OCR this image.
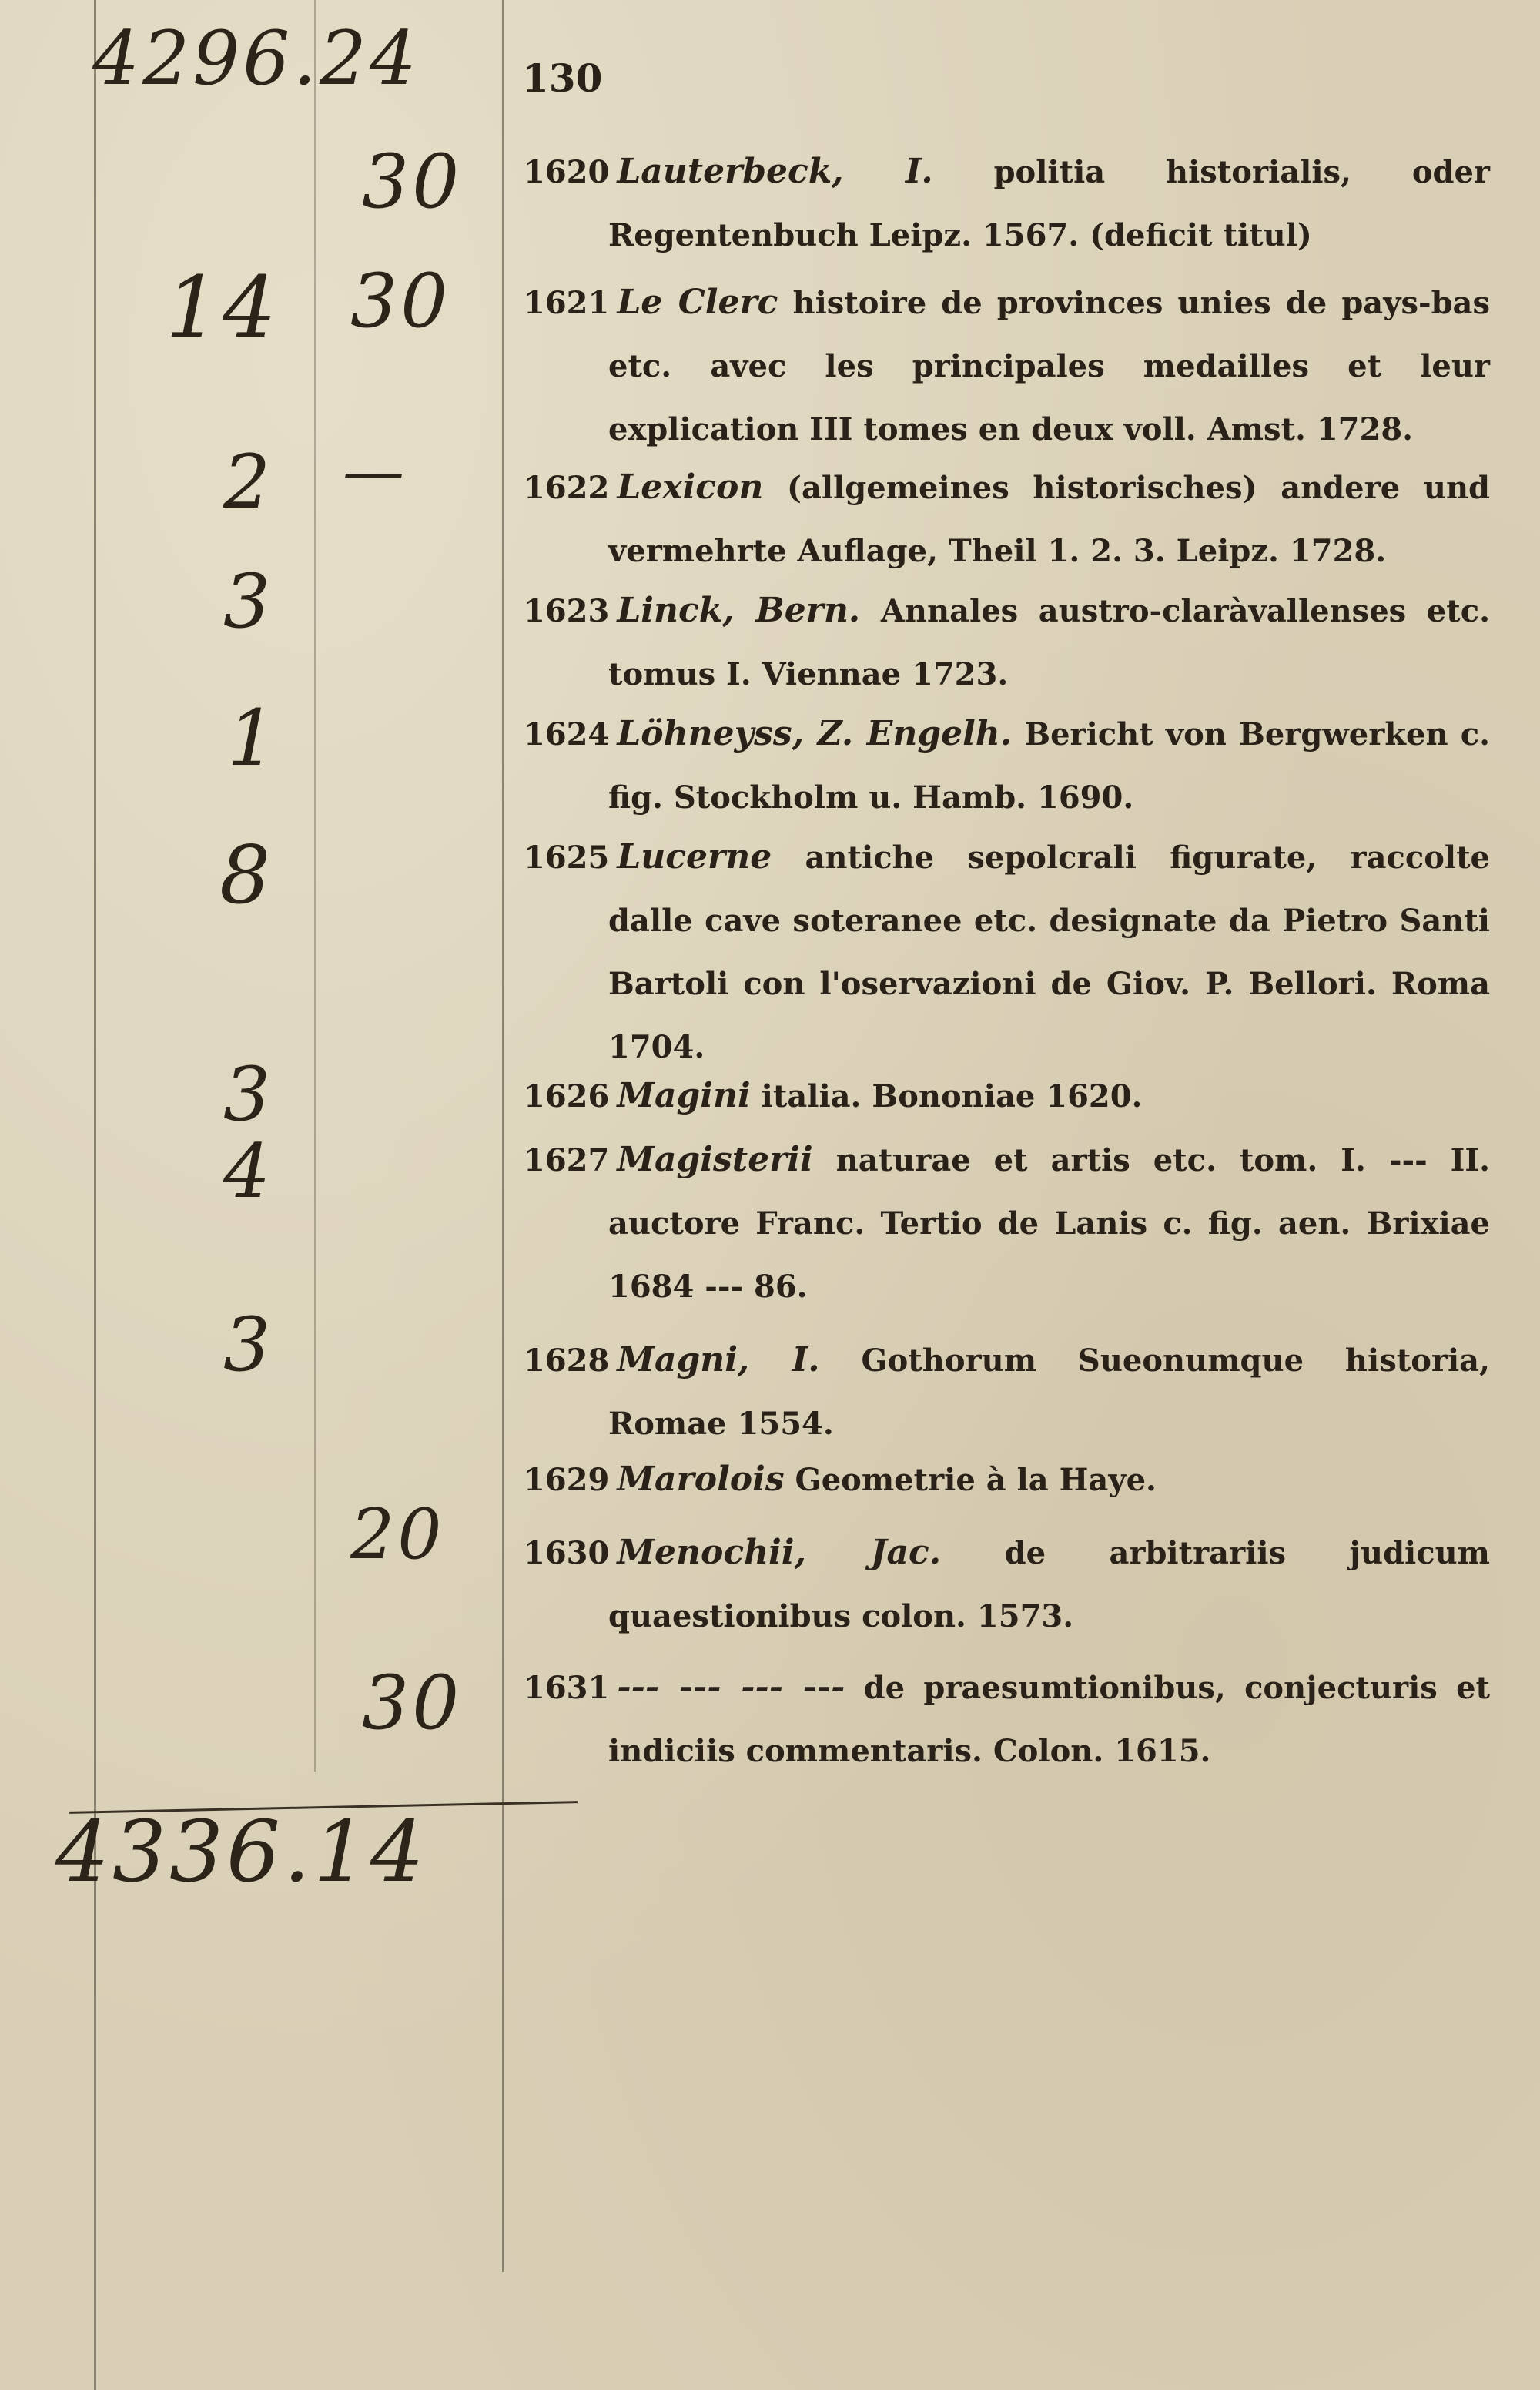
4296.24
4336.14
14
2
3
1
8
3
4
3
30
30
—
20
30
130
1620 Lauterbeck, I. politia historialis, oder Regentenbuch Leipz. 1567. (deficit titul)
1621 Le Clerc histoire de provinces unies de pays-bas etc. avec les principales medailles et leur explication III tomes en deux voll. Amst. 1728.
1622 Lexicon (allgemeines historisches) andere und vermehrte Auflage, Theil 1. 2. 3. Leipz. 1728.
1623 Linck, Bern. Annales austro-claràvallenses etc. tomus I. Viennae 1723.
1624 Löhneyss, Z. Engelh. Bericht von Bergwerken c. fig. Stockholm u. Hamb. 1690.
1625 Lucerne antiche sepolcrali figurate, raccolte dalle cave soteranee etc. designate da Pietro Santi Bartoli con l'oservazioni de Giov. P. Bellori. Roma 1704.
1626 Magini italia. Bononiae 1620.
1627 Magisterii naturae et artis etc. tom. I. --- II. auctore Franc. Tertio de Lanis c. fig. aen. Brixiae 1684 --- 86.
1628 Magni, I. Gothorum Sueonumque historia, Romae 1554.
1629 Marolois Geometrie à la Haye.
1630 Menochii, Jac. de arbitrariis judicum quaestionibus colon. 1573.
1631 --- --- --- --- de praesumtionibus, conjecturis et indiciis commentaris. Colon. 1615.
